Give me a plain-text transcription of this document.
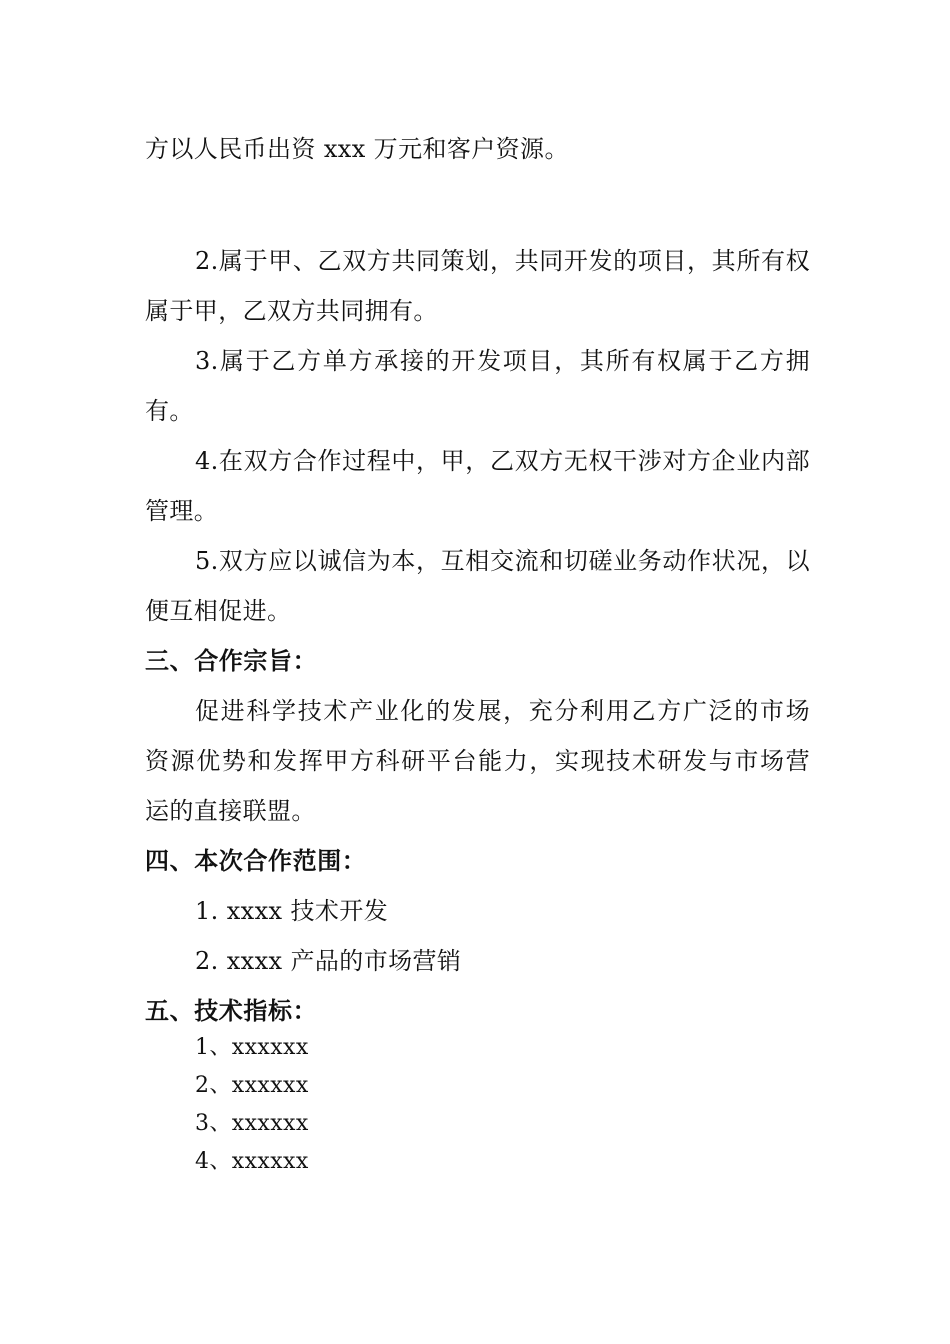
方以人民币出资 xxx 万元和客户资源。
2.属于甲、乙双方共同策划，共同开发的项目，其所有权
属于甲，乙双方共同拥有。
3.属于乙方单方承接的开发项目，其所有权属于乙方拥
有。
4.在双方合作过程中，甲，乙双方无权干涉对方企业内部
管理。
5.双方应以诚信为本，互相交流和切磋业务动作状况，以
便互相促进。
三、合作宗旨：
促进科学技术产业化的发展，充分利用乙方广泛的市场
资源优势和发挥甲方科研平台能力，实现技术研发与市场营
运的直接联盟。
四、本次合作范围：
1. xxxx 技术开发
2. xxxx 产品的市场营销
五、技术指标：
1、xxxxxx
2、xxxxxx
3、xxxxxx
4、xxxxxx
